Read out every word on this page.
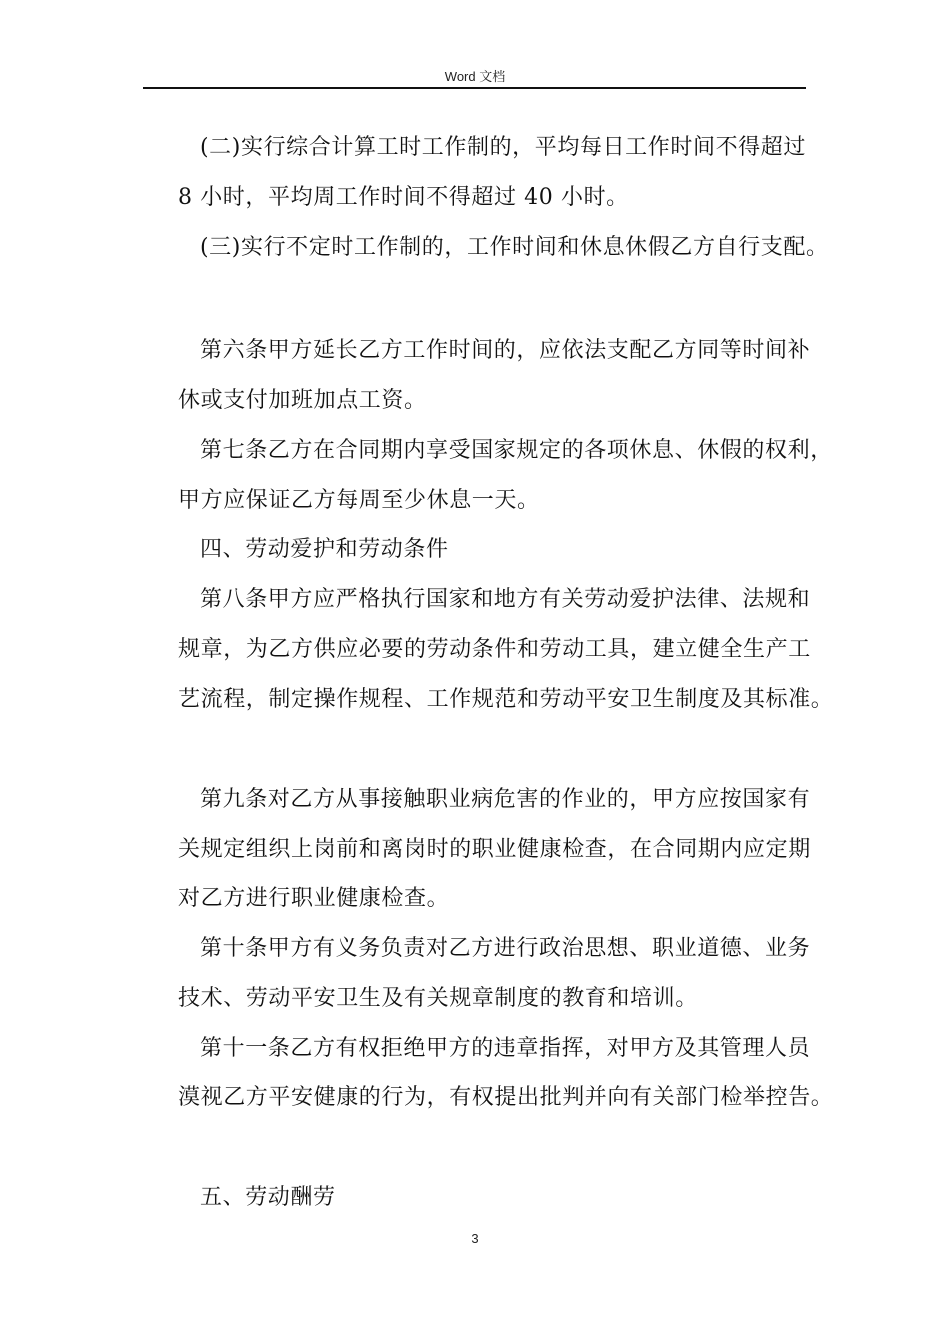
Word 文档
(二)实行综合计算工时工作制的，平均每日工作时间不得超过
8 小时，平均周工作时间不得超过 40 小时。
(三)实行不定时工作制的，工作时间和休息休假乙方自行支配。
第六条甲方延长乙方工作时间的，应依法支配乙方同等时间补
休或支付加班加点工资。
第七条乙方在合同期内享受国家规定的各项休息、休假的权利，
甲方应保证乙方每周至少休息一天。
四、劳动爱护和劳动条件
第八条甲方应严格执行国家和地方有关劳动爱护法律、法规和
规章，为乙方供应必要的劳动条件和劳动工具，建立健全生产工
艺流程，制定操作规程、工作规范和劳动平安卫生制度及其标准。
第九条对乙方从事接触职业病危害的作业的，甲方应按国家有
关规定组织上岗前和离岗时的职业健康检查，在合同期内应定期
对乙方进行职业健康检查。
第十条甲方有义务负责对乙方进行政治思想、职业道德、业务
技术、劳动平安卫生及有关规章制度的教育和培训。
第十一条乙方有权拒绝甲方的违章指挥，对甲方及其管理人员
漠视乙方平安健康的行为，有权提出批判并向有关部门检举控告。
五、劳动酬劳
3
